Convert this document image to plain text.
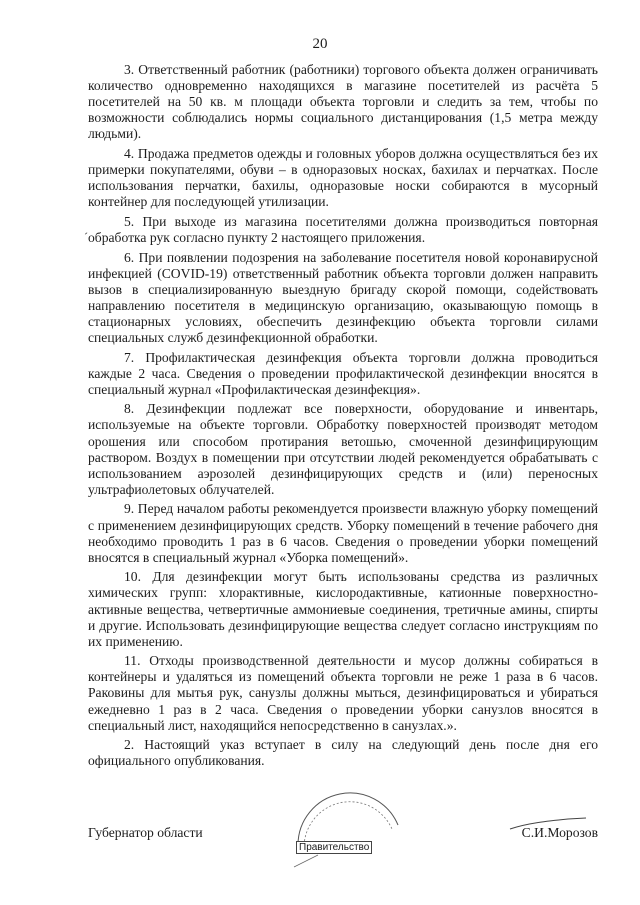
20

3. Ответственный работник (работники) торгового объекта должен ограничивать количество одновременно находящихся в магазине посетителей из расчёта 5 посетителей на 50 кв. м площади объекта торговли и следить за тем, чтобы по возможности соблюдались нормы социального дистанцирования (1,5 метра между людьми).

4. Продажа предметов одежды и головных уборов должна осуществляться без их примерки покупателями, обуви – в одноразовых носках, бахилах и перчатках. После использования перчатки, бахилы, одноразовые носки собираются в мусорный контейнер для последующей утилизации.

5. При выходе из магазина посетителями должна производиться повторная обработка рук согласно пункту 2 настоящего приложения.

6. При появлении подозрения на заболевание посетителя новой коронавирусной инфекцией (COVID-19) ответственный работник объекта торговли должен направить вызов в специализированную выездную бригаду скорой помощи, содействовать направлению посетителя в медицинскую организацию, оказывающую помощь в стационарных условиях, обеспечить дезинфекцию объекта торговли силами специальных служб дезинфекционной обработки.

7. Профилактическая дезинфекция объекта торговли должна проводиться каждые 2 часа. Сведения о проведении профилактической дезинфекции вносятся в специальный журнал «Профилактическая дезинфекция».

8. Дезинфекции подлежат все поверхности, оборудование и инвентарь, используемые на объекте торговли. Обработку поверхностей производят методом орошения или способом протирания ветошью, смоченной дезинфицирующим раствором. Воздух в помещении при отсутствии людей рекомендуется обрабатывать с использованием аэрозолей дезинфицирующих средств и (или) переносных ультрафиолетовых облучателей.

9. Перед началом работы рекомендуется произвести влажную уборку помещений с применением дезинфицирующих средств. Уборку помещений в течение рабочего дня необходимо проводить 1 раз в 6 часов. Сведения о проведении уборки помещений вносятся в специальный журнал «Уборка помещений».

10. Для дезинфекции могут быть использованы средства из различных химических групп: хлорактивные, кислородактивные, катионные поверхностно-активные вещества, четвертичные аммониевые соединения, третичные амины, спирты и другие. Использовать дезинфицирующие вещества следует согласно инструкциям по их применению.

11. Отходы производственной деятельности и мусор должны собираться в контейнеры и удаляться из помещений объекта торговли не реже 1 раза в 6 часов. Раковины для мытья рук, санузлы должны мыться, дезинфицироваться и убираться ежедневно 1 раз в 2 часа. Сведения о проведении уборки санузлов вносятся в специальный лист, находящийся непосредственно в санузлах.».

2. Настоящий указ вступает в силу на следующий день после дня его официального опубликования.

ˊ
Губернатор области	С.И.Морозов
Правительство
